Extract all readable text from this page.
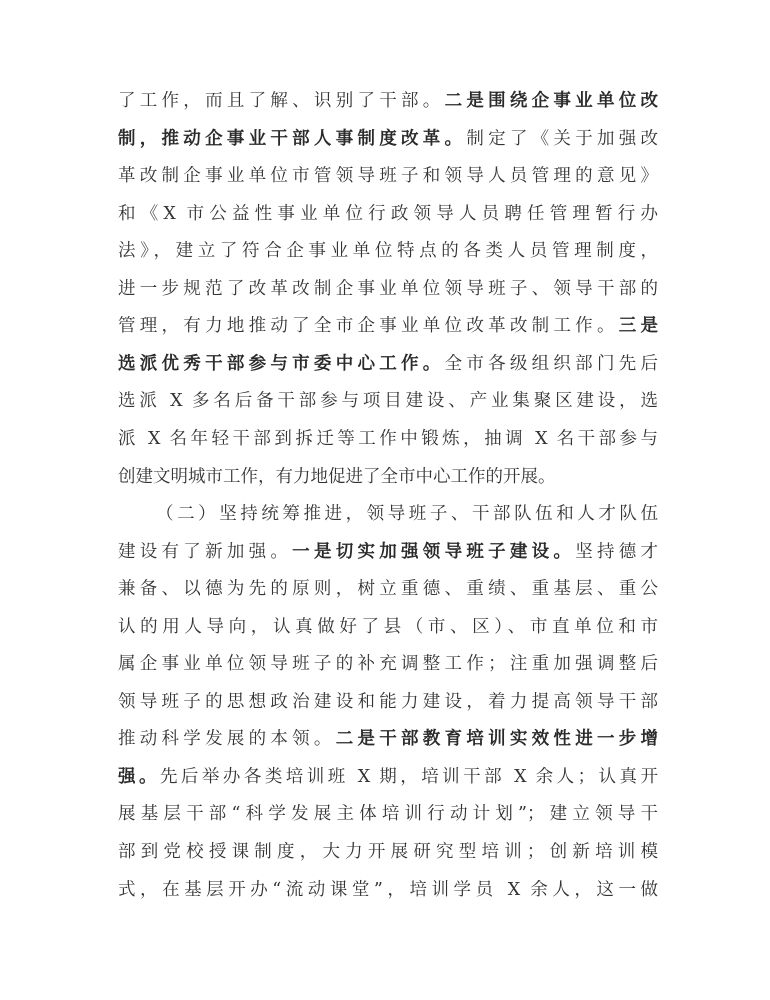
了工作，而且了解、识别了干部。二是围绕企事业单位改
制，推动企事业干部人事制度改革。制定了《关于加强改
革改制企事业单位市管领导班子和领导人员管理的意见》
和《X 市公益性事业单位行政领导人员聘任管理暂行办
法》，建立了符合企事业单位特点的各类人员管理制度，
进一步规范了改革改制企事业单位领导班子、领导干部的
管理，有力地推动了全市企事业单位改革改制工作。三是
选派优秀干部参与市委中心工作。全市各级组织部门先后
选派 X 多名后备干部参与项目建设、产业集聚区建设，选
派 X 名年轻干部到拆迁等工作中锻炼，抽调 X 名干部参与
创建文明城市工作，有力地促进了全市中心工作的开展。
（二）坚持统筹推进，领导班子、干部队伍和人才队伍
建设有了新加强。一是切实加强领导班子建设。坚持德才
兼备、以德为先的原则，树立重德、重绩、重基层、重公
认的用人导向，认真做好了县（市、区）、市直单位和市
属企事业单位领导班子的补充调整工作；注重加强调整后
领导班子的思想政治建设和能力建设，着力提高领导干部
推动科学发展的本领。二是干部教育培训实效性进一步增
强。先后举办各类培训班 X 期，培训干部 X 余人；认真开
展基层干部“科学发展主体培训行动计划”；建立领导干
部到党校授课制度，大力开展研究型培训；创新培训模
式，在基层开办“流动课堂”，培训学员 X 余人，这一做
